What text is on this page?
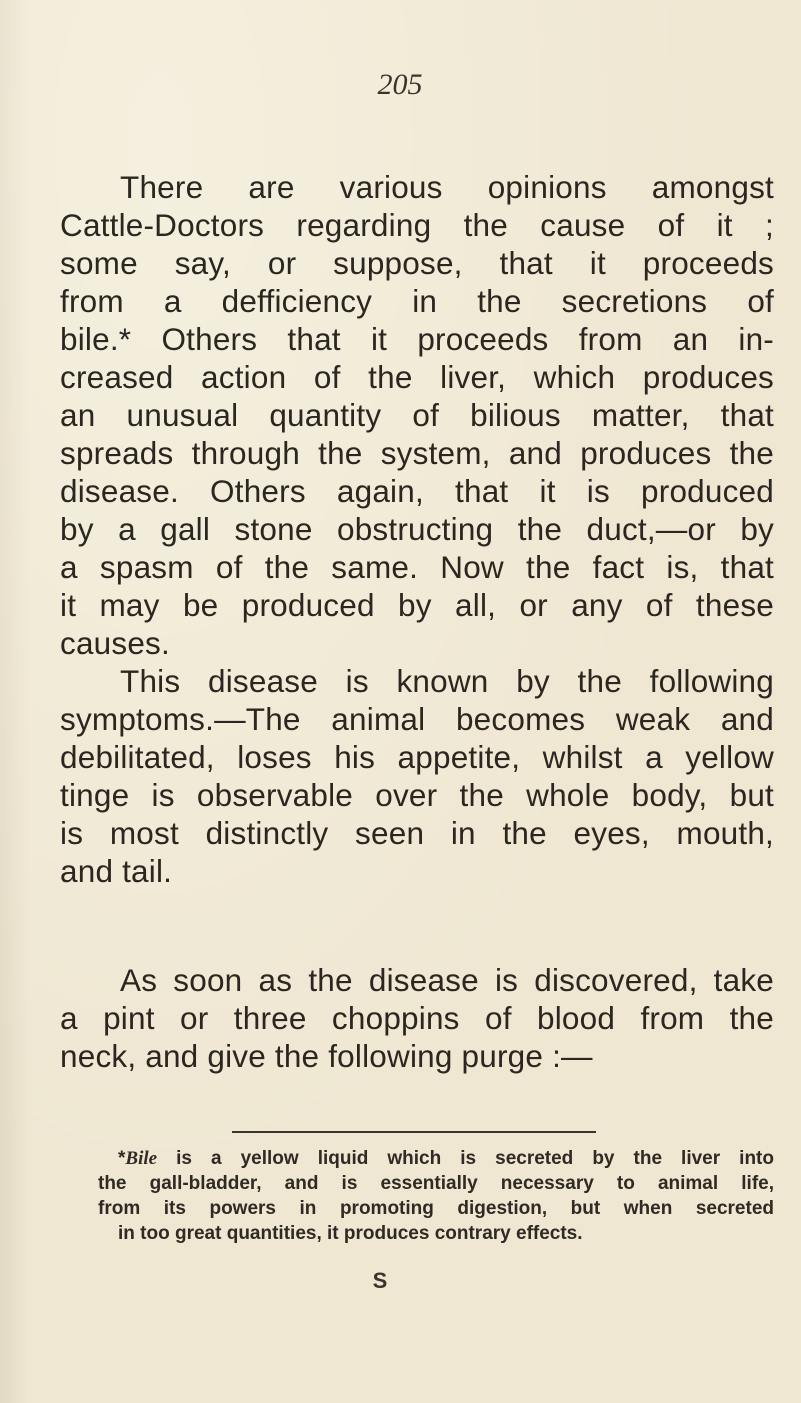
205
There are various opinions amongst
Cattle-Doctors regarding the cause of it ;
some say, or suppose, that it proceeds
from a defficiency in the secretions of
bile.* Others that it proceeds from an in-
creased action of the liver, which produces
an unusual quantity of bilious matter, that
spreads through the system, and produces the
disease. Others again, that it is produced
by a gall stone obstructing the duct,—or by
a spasm of the same. Now the fact is, that
it may be produced by all, or any of these
causes.
This disease is known by the following
symptoms.—The animal becomes weak and
debilitated, loses his appetite, whilst a yellow
tinge is observable over the whole body, but
is most distinctly seen in the eyes, mouth,
and tail.
As soon as the disease is discovered, take
a pint or three choppins of blood from the
neck, and give the following purge :—
*Bile is a yellow liquid which is secreted by the liver into
the gall-bladder, and is essentially necessary to animal life,
from its powers in promoting digestion, but when secreted
in too great quantities, it produces contrary effects.
S
